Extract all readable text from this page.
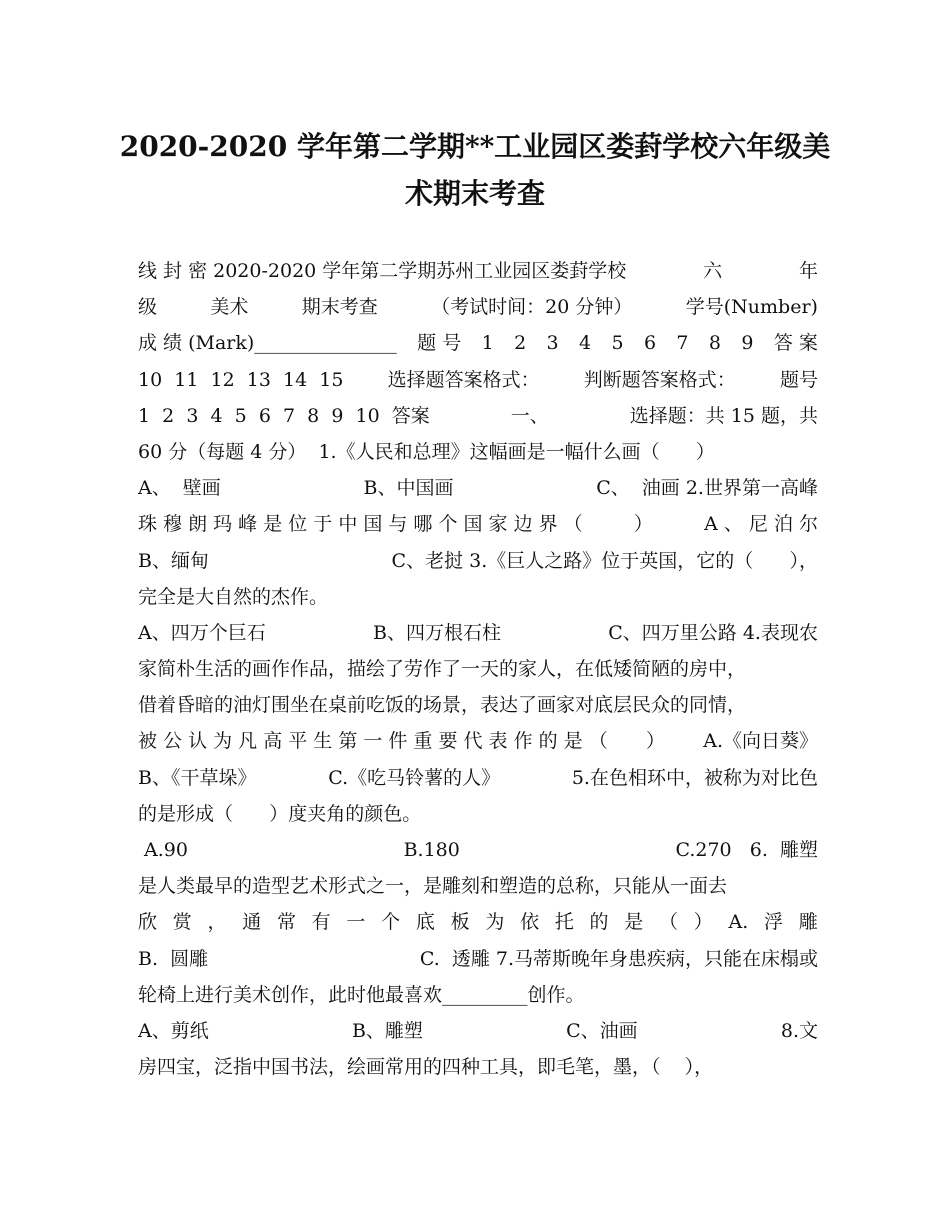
2020-2020 学年第二学期**工业园区娄葑学校六年级美
术期末考查
线 封 密 2020-2020 学年第二学期苏州工业园区娄葑学校	六	年
级	美术	期末考查	（考试时间：20 分钟）	学号(Number)
成 绩 (Mark)_______________ 题 号 1 2 3 4 5 6 7 8 9 答 案
10  11  12  13  14  15 选择题答案格式： 判断题答案格式： 题号
1  2  3  4  5  6  7  8  9  10  答案	一、	选择题：共 15 题，共
60 分（每题 4 分）  1.《人民和总理》这幅画是一幅什么画（      ）
A、  壁画	B、中国画	C、  油画 2.世界第一高峰
珠 穆 朗 玛 峰 是 位 于 中 国 与 哪 个 国 家 边 界 （	）	A 、 尼 泊 尔
B、缅甸	C、老挝 3.《巨人之路》位于英国，它的（      ），
完全是大自然的杰作。
A、四万个巨石	B、四万根石柱	C、四万里公路 4.表现农
家简朴生活的画作作品，描绘了劳作了一天的家人，在低矮简陋的房中，
借着昏暗的油灯围坐在桌前吃饭的场景，表达了画家对底层民众的同情，
被 公 认 为 凡 高 平 生 第 一 件 重 要 代 表 作 的 是 （ ） A.《向日葵》
B、《干草垛》	C.《吃马铃薯的人》	5.在色相环中，被称为对比色
的是形成（      ）度夹角的颜色。
A.90	B.180	C.270   6.  雕塑
是人类最早的造型艺术形式之一，是雕刻和塑造的总称，只能从一面去
欣 赏 ， 通 常 有 一 个 底 板 为 依 托 的 是 （ ） A. 浮 雕
B.  圆雕	C.  透雕 7.马蒂斯晚年身患疾病，只能在床榻或
轮椅上进行美术创作，此时他最喜欢_________创作。
A、剪纸	B、雕塑	C、油画	8.文
房四宝，泛指中国书法，绘画常用的四种工具，即毛笔，墨，（    ），
